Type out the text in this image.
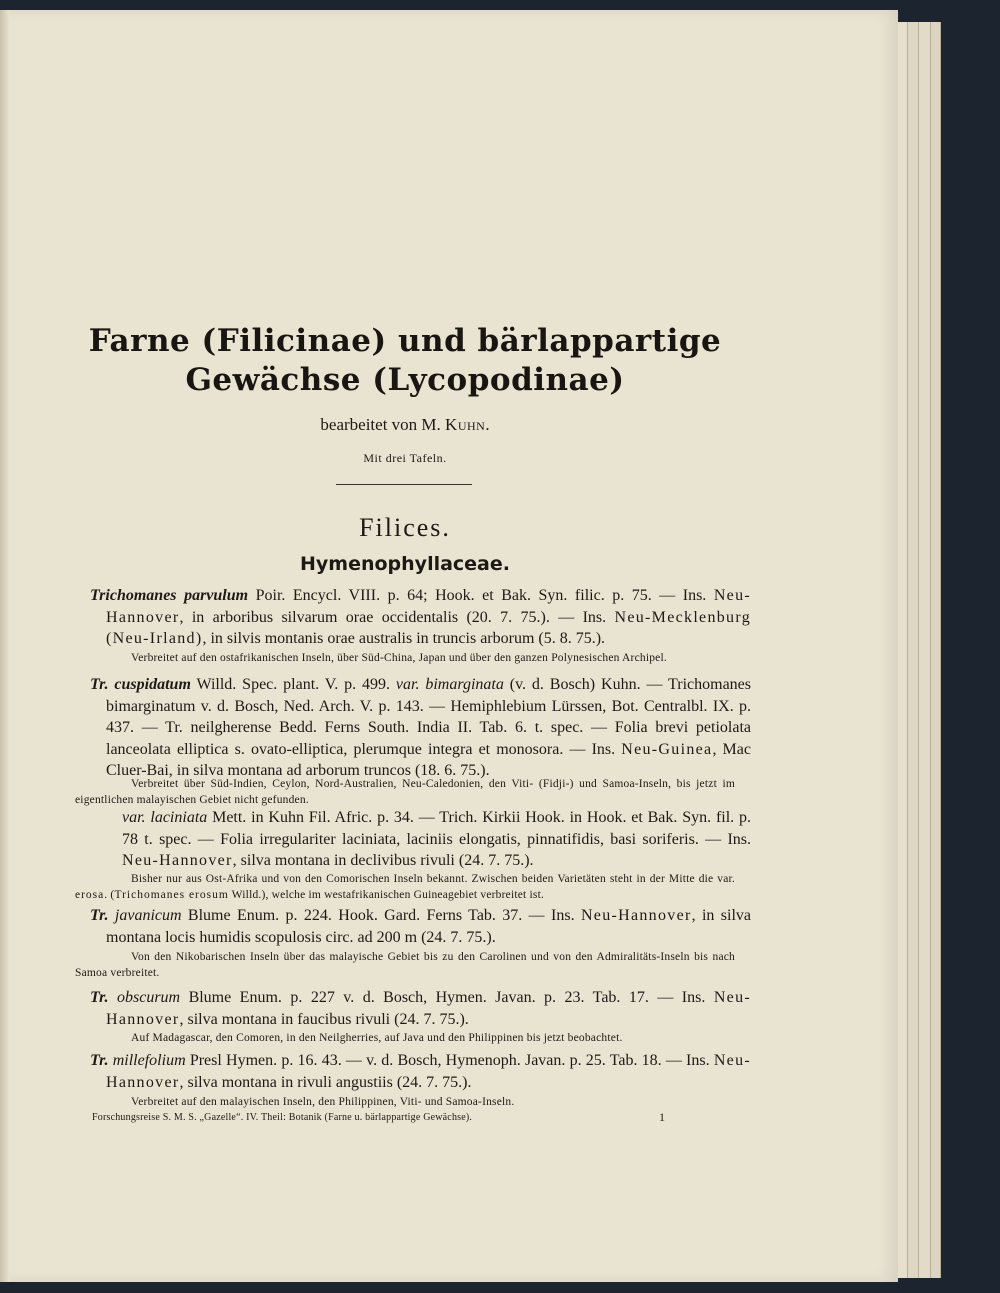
Farne (Filicinae) und bärlappartige
Gewächse (Lycopodinae)
bearbeitet von M. Kuhn.
Mit drei Tafeln.
Filices.
Hymenophyllaceae.
Trichomanes parvulum Poir. Encycl. VIII. p. 64; Hook. et Bak. Syn. filic. p. 75. — Ins. Neu-Hannover, in arboribus silvarum orae occidentalis (20. 7. 75.). — Ins. Neu-Mecklenburg (Neu-Irland), in silvis montanis orae australis in truncis arborum (5. 8. 75.).
Verbreitet auf den ostafrikanischen Inseln, über Süd-China, Japan und über den ganzen Polynesischen Archipel.
Tr. cuspidatum Willd. Spec. plant. V. p. 499. var. bimarginata (v. d. Bosch) Kuhn. — Trichomanes bimarginatum v. d. Bosch, Ned. Arch. V. p. 143. — Hemiphlebium Lürssen, Bot. Centralbl. IX. p. 437. — Tr. neilgherense Bedd. Ferns South. India II. Tab. 6. t. spec. — Folia brevi petiolata lanceolata elliptica s. ovato-elliptica, plerumque integra et monosora. — Ins. Neu-Guinea, Mac Cluer-Bai, in silva montana ad arborum truncos (18. 6. 75.).
Verbreitet über Süd-Indien, Ceylon, Nord-Australien, Neu-Caledonien, den Viti- (Fidji-) und Samoa-Inseln, bis jetzt im eigentlichen malayischen Gebiet nicht gefunden.
var. laciniata Mett. in Kuhn Fil. Afric. p. 34. — Trich. Kirkii Hook. in Hook. et Bak. Syn. fil. p. 78 t. spec. — Folia irregulariter laciniata, laciniis elongatis, pinnatifidis, basi soriferis. — Ins. Neu-Hannover, silva montana in declivibus rivuli (24. 7. 75.).
Bisher nur aus Ost-Afrika und von den Comorischen Inseln bekannt. Zwischen beiden Varietäten steht in der Mitte die var. erosa. (Trichomanes erosum Willd.), welche im westafrikanischen Guineagebiet verbreitet ist.
Tr. javanicum Blume Enum. p. 224. Hook. Gard. Ferns Tab. 37. — Ins. Neu-Hannover, in silva montana locis humidis scopulosis circ. ad 200 m (24. 7. 75.).
Von den Nikobarischen Inseln über das malayische Gebiet bis zu den Carolinen und von den Admiralitäts-Inseln bis nach Samoa verbreitet.
Tr. obscurum Blume Enum. p. 227 v. d. Bosch, Hymen. Javan. p. 23. Tab. 17. — Ins. Neu-Hannover, silva montana in faucibus rivuli (24. 7. 75.).
Auf Madagascar, den Comoren, in den Neilgherries, auf Java und den Philippinen bis jetzt beobachtet.
Tr. millefolium Presl Hymen. p. 16. 43. — v. d. Bosch, Hymenoph. Javan. p. 25. Tab. 18. — Ins. Neu-Hannover, silva montana in rivuli angustiis (24. 7. 75.).
Verbreitet auf den malayischen Inseln, den Philippinen, Viti- und Samoa-Inseln.
Forschungsreise S. M. S. „Gazelle“. IV. Theil: Botanik (Farne u. bärlappartige Gewächse).	1
